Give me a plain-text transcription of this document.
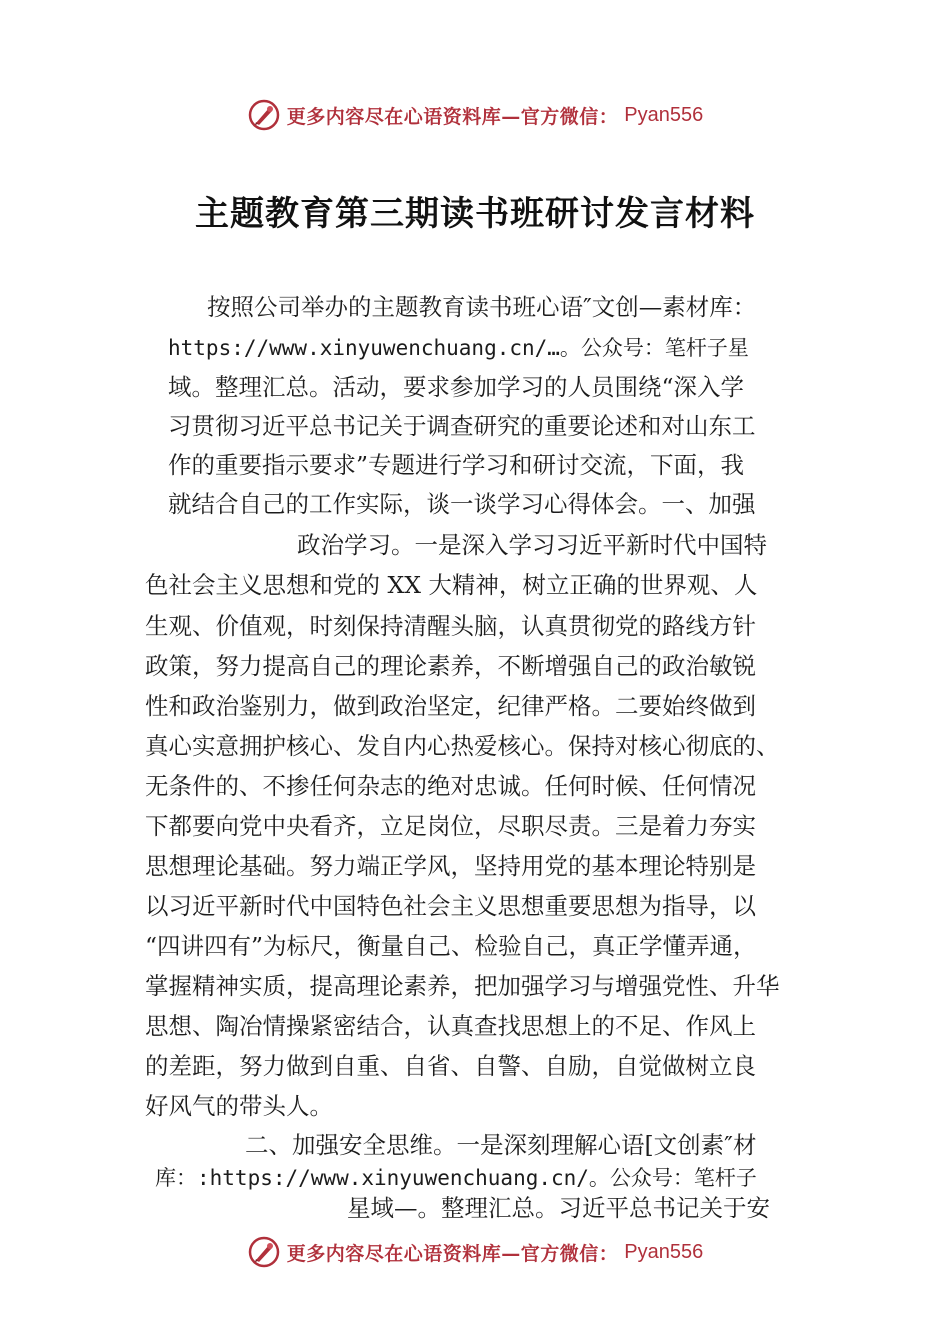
更多内容尽在心语资料库—官方微信： Pyan556
主题教育第三期读书班研讨发言材料
按照公司举办的主题教育读书班心语″文创—素材库：
https://www.xinyuwenchuang.cn/…。公众号：笔杆子星
域。整理汇总。活动，要求参加学习的人员围绕“深入学
习贯彻习近平总书记关于调查研究的重要论述和对山东工
作的重要指示要求”专题进行学习和研讨交流，下面，我
就结合自己的工作实际，谈一谈学习心得体会。一、加强
政治学习。一是深入学习习近平新时代中国特
色社会主义思想和党的 XX 大精神，树立正确的世界观、人
生观、价值观，时刻保持清醒头脑，认真贯彻党的路线方针
政策，努力提高自己的理论素养，不断增强自己的政治敏锐
性和政治鉴别力，做到政治坚定，纪律严格。二要始终做到
真心实意拥护核心、发自内心热爱核心。保持对核心彻底的、
无条件的、不掺任何杂志的绝对忠诚。任何时候、任何情况
下都要向党中央看齐，立足岗位，尽职尽责。三是着力夯实
思想理论基础。努力端正学风，坚持用党的基本理论特别是
以习近平新时代中国特色社会主义思想重要思想为指导，以
“四讲四有”为标尺，衡量自己、检验自己，真正学懂弄通，
掌握精神实质，提高理论素养，把加强学习与增强党性、升华
思想、陶冶情操紧密结合，认真查找思想上的不足、作风上
的差距，努力做到自重、自省、自警、自励，自觉做树立良
好风气的带头人。
二、加强安全思维。一是深刻理解心语[文创素″材
库：:https://www.xinyuwenchuang.cn/。公众号：笔杆子
星域—。整理汇总。习近平总书记关于安
更多内容尽在心语资料库—官方微信： Pyan556
